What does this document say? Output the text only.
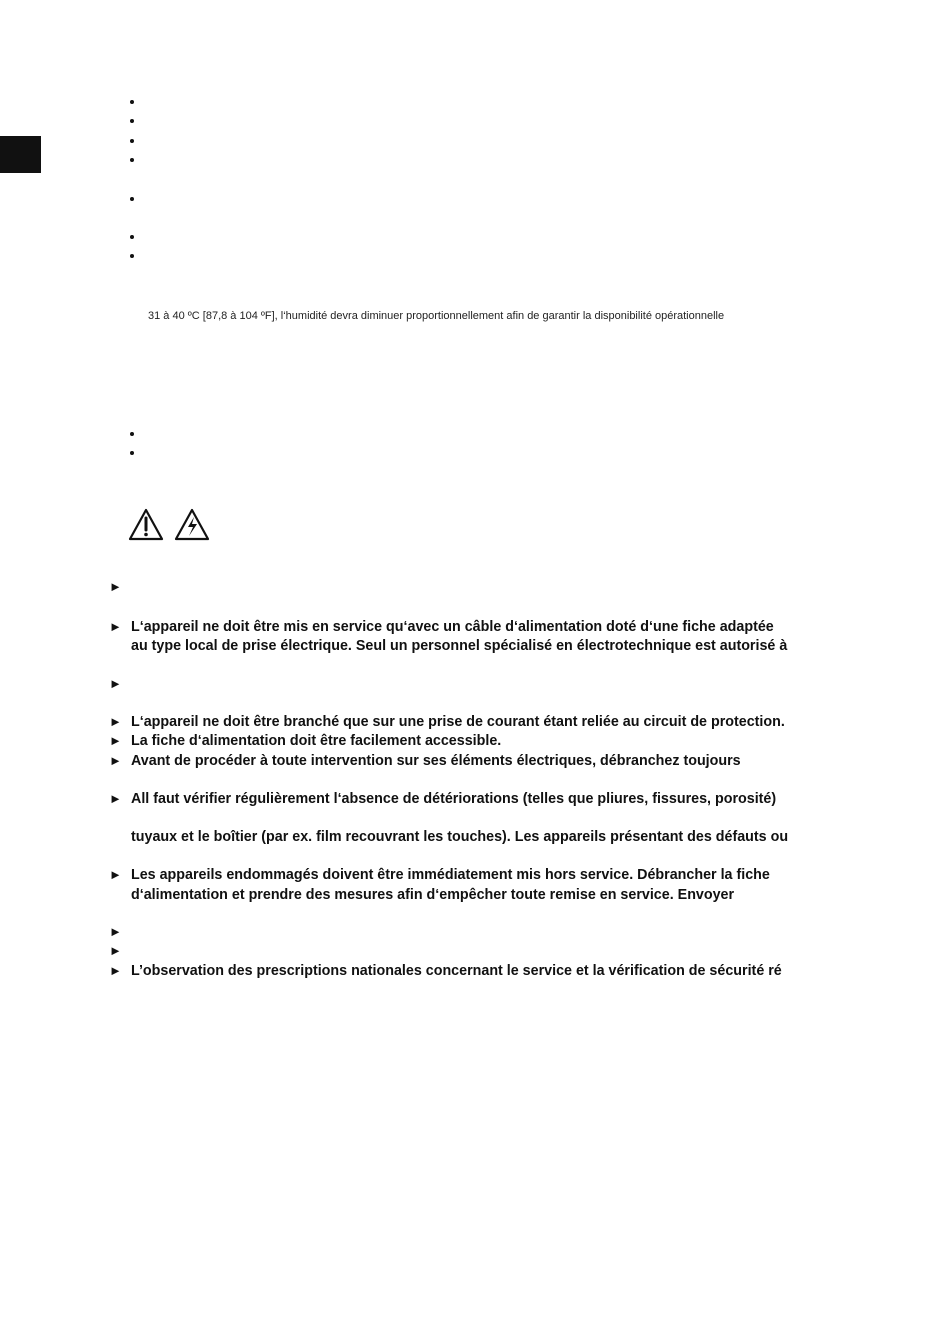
31 à 40 ºC [87,8 à 104 ºF], l‘humidité devra diminuer proportionnellement afin de garantir la disponibilité opérationnelle
►
► L‘appareil ne doit être mis en service qu‘avec un câble d‘alimentation doté d‘une fiche adaptée
au type local de prise électrique. Seul un personnel spécialisé en électrotechnique est autorisé à
►
► L‘appareil ne doit être branché que sur une prise de courant étant reliée au circuit de protection.
► La fiche d‘alimentation doit être facilement accessible.
► Avant de procéder à toute intervention sur ses éléments électriques, débranchez toujours
► All faut vérifier régulièrement l‘absence de détériorations (telles que pliures, fissures, porosité)
tuyaux et le boîtier (par ex. film recouvrant les touches). Les appareils présentant des défauts ou
► Les appareils endommagés doivent être immédiatement mis hors service. Débrancher la fiche
d‘alimentation et prendre des mesures afin d‘empêcher toute remise en service. Envoyer
►
►
► L’observation des prescriptions nationales concernant le service et la vérification de sécurité ré
